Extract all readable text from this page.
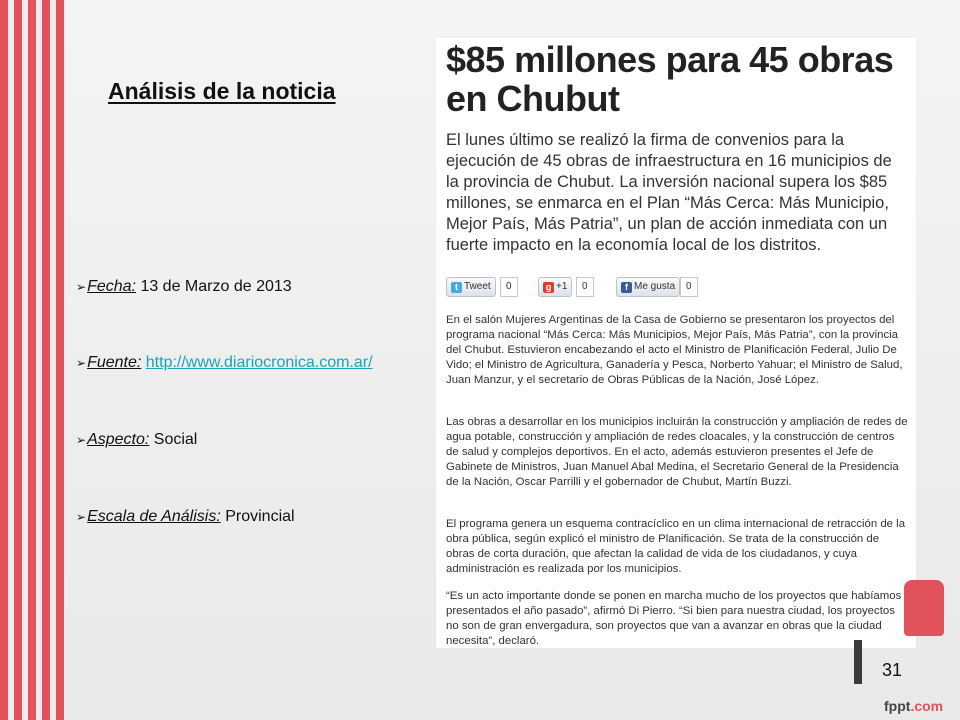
Análisis de la noticia
➢Fecha: 13 de Marzo de 2013
➢Fuente: http://www.diariocronica.com.ar/
➢Aspecto: Social
➢Escala de Análisis: Provincial
$85 millones para 45 obras en Chubut

El lunes último se realizó la firma de convenios para la ejecución de 45 obras de infraestructura en 16 municipios de la provincia de Chubut. La inversión nacional supera los $85 millones, se enmarca en el Plan “Más Cerca: Más Municipio, Mejor País, Más Patria”, un plan de acción inmediata con un fuerte impacto en la economía local de los distritos.

t Tweet	0	g +1	0	f Me gusta	0

En el salón Mujeres Argentinas de la Casa de Gobierno se presentaron los proyectos del programa nacional “Más Cerca: Más Municipios, Mejor País, Más Patria”, con la provincia del Chubut. Estuvieron encabezando el acto el Ministro de Planificación Federal, Julio De Vido; el Ministro de Agricultura, Ganadería y Pesca, Norberto Yahuar; el Ministro de Salud, Juan Manzur, y el secretario de Obras Públicas de la Nación, José López.

Las obras a desarrollar en los municipios incluirán la construcción y ampliación de redes de agua potable, construcción y ampliación de redes cloacales, y la construcción de centros de salud y complejos deportivos. En el acto, además estuvieron presentes el Jefe de Gabinete de Ministros, Juan Manuel Abal Medina, el Secretario General de la Presidencia de la Nación, Oscar Parrilli y el gobernador de Chubut, Martín Buzzi.

El programa genera un esquema contracíclico en un clima internacional de retracción de la obra pública, según explicó el ministro de Planificación. Se trata de la construcción de obras de corta duración, que afectan la calidad de vida de los ciudadanos, y cuya administración es realizada por los municipios.

“Es un acto importante donde se ponen en marcha mucho de los proyectos que habíamos presentados el año pasado”, afirmó Di Pierro. “Si bien para nuestra ciudad, los proyectos no son de gran envergadura, son proyectos que van a avanzar en obras que la ciudad necesita”, declaró.

31
fppt.com
